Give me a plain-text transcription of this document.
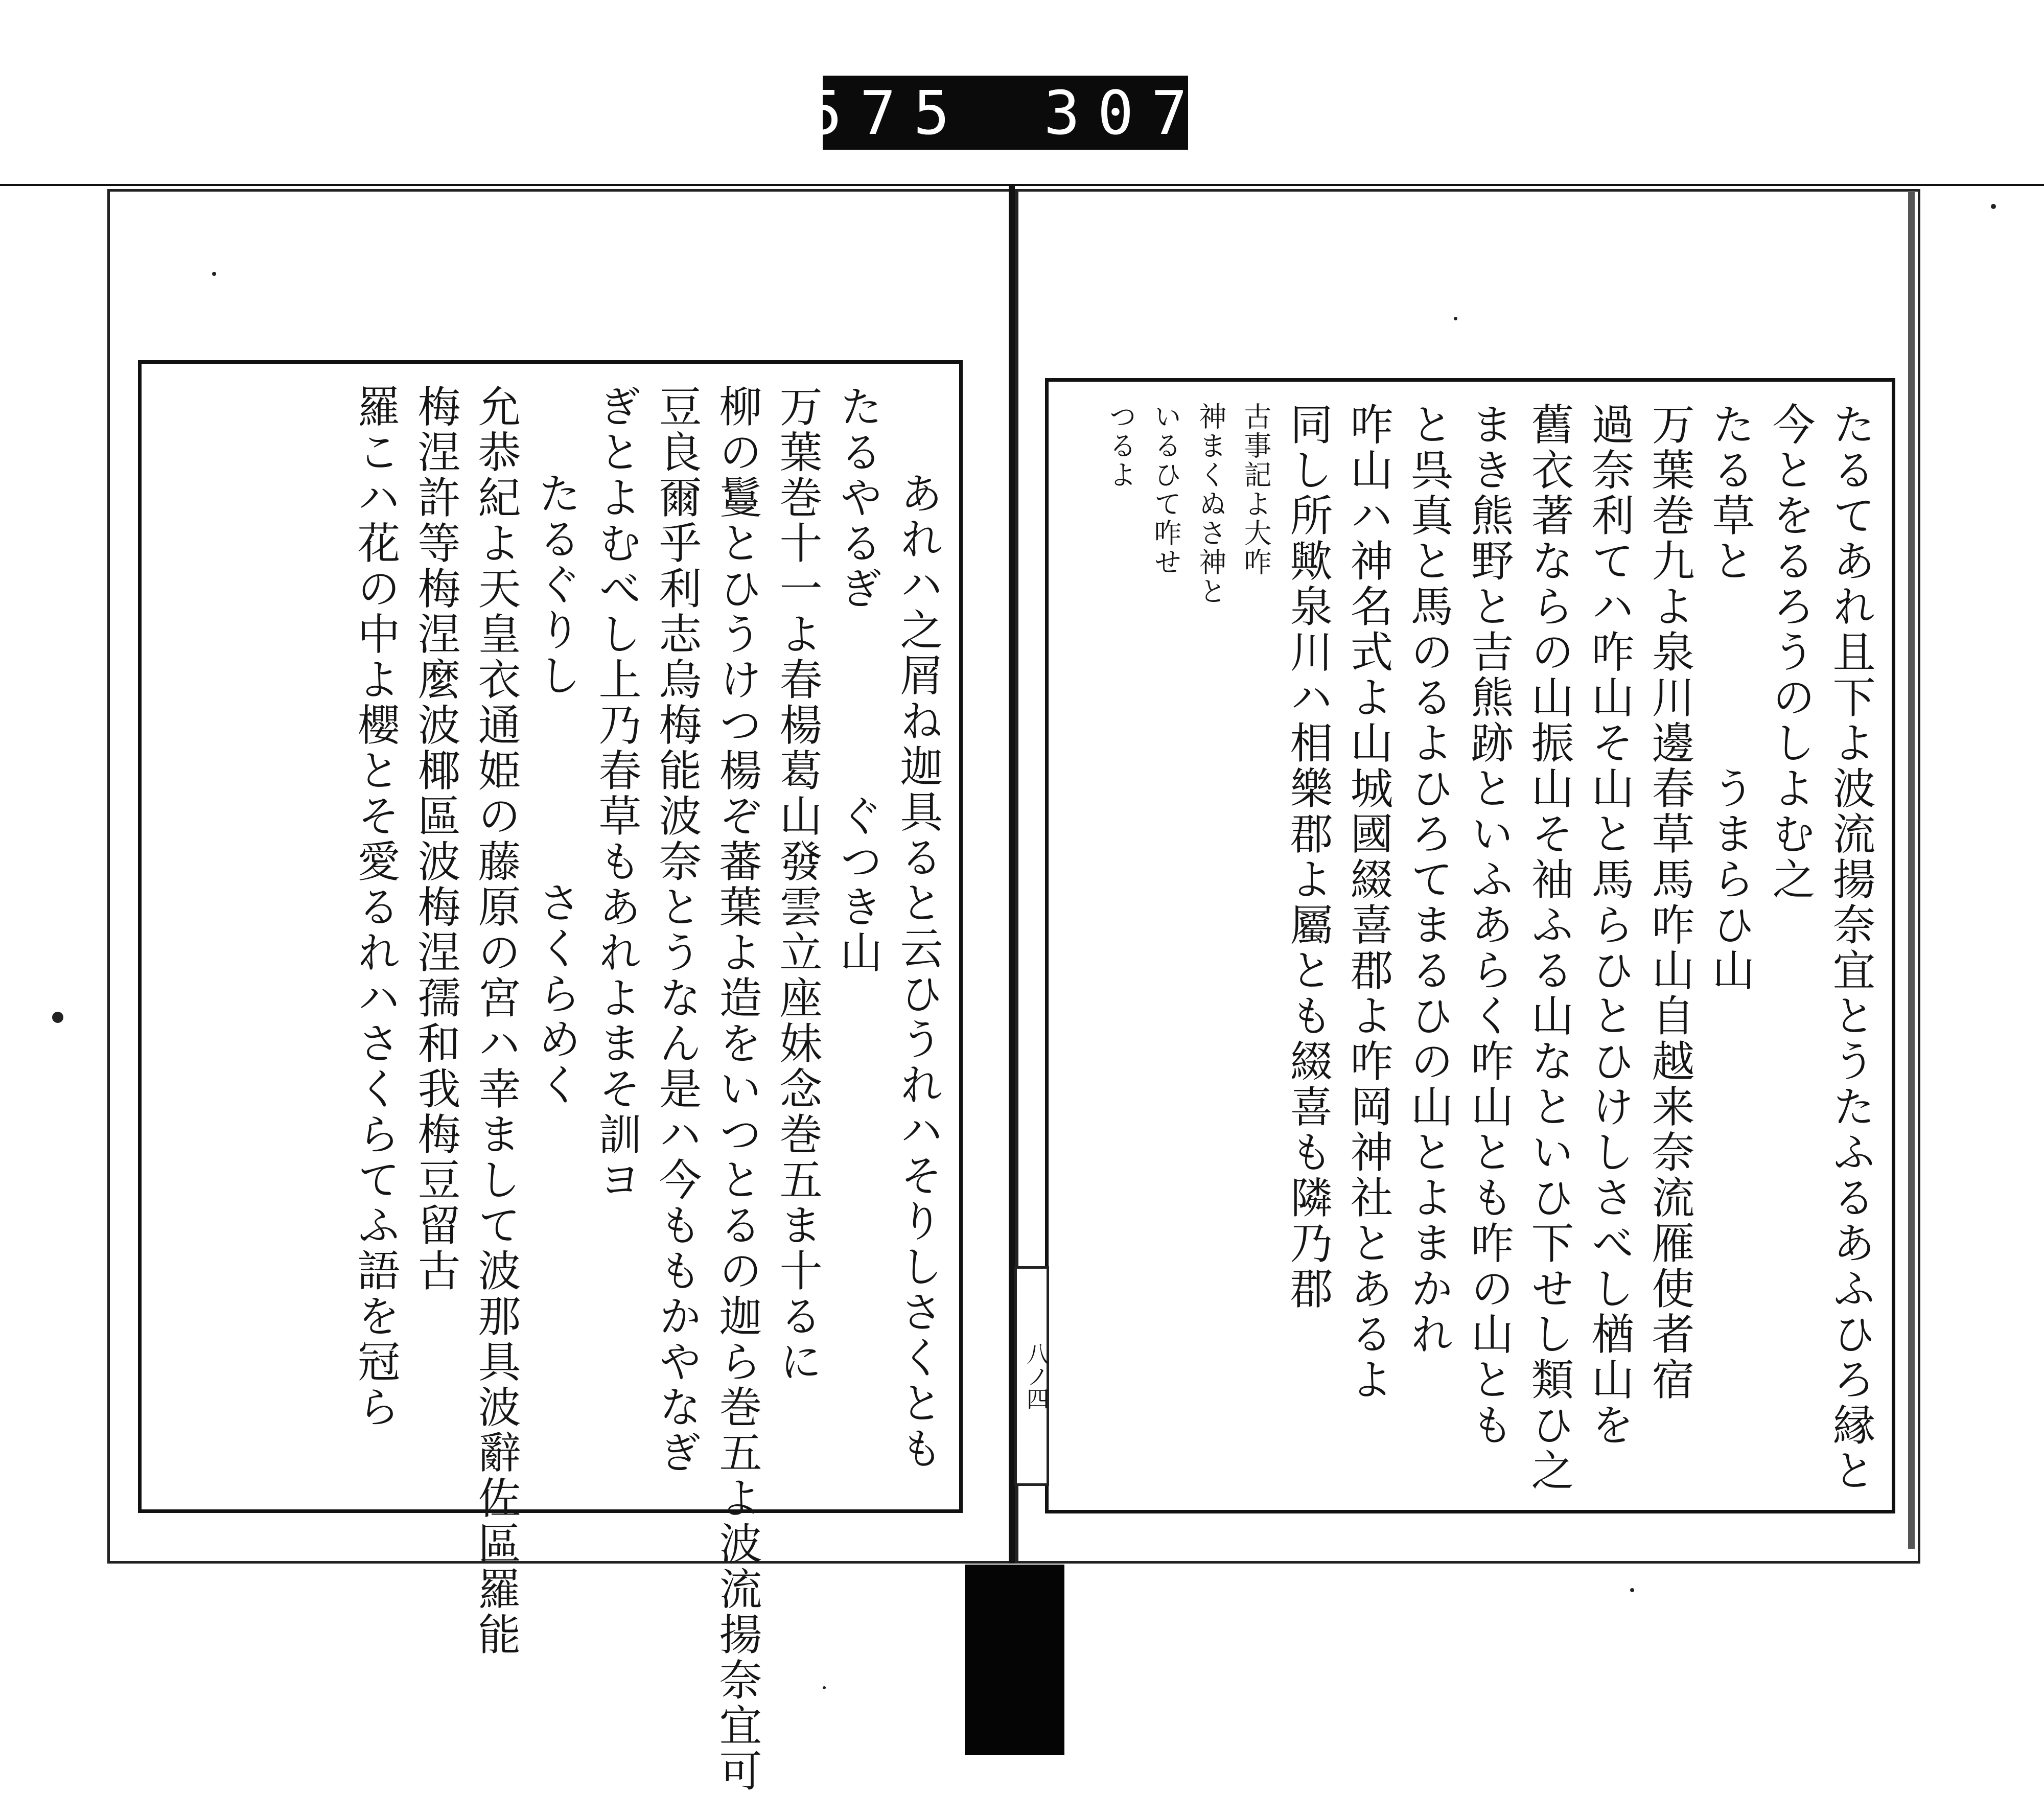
575 307
あれハ之屑ね迦具ると云ひうれハそりしさくとも
たるやるぎ　　　　ぐつき山
万葉巻十一よ春楊葛山發雲立座妹念巻五ま十るに
柳の鬘とひうけつ楊ぞ蕃葉よ造をいつとるの迦ら巻五よ波流揚奈宜可
豆良爾乎利志烏梅能波奈とうなん是ハ今ももかやなぎ
ぎとよむべし上乃春草もあれよまそ訓ヨ
たるぐりし　　　　さくらめく
允恭紀よ天皇衣通姫の藤原の宮ハ幸まして波那具波辭佐區羅能
梅涅許等梅涅麼波椰區波梅涅孺和我梅豆留古
羅こハ花の中よ櫻とそ愛るれハさくらてふ語を冠ら	たるてあれ且下よ波流揚奈宜とうたふるあふひろ縁と
今とをるろうのしよむ之
たる草と　　　　うまらひ山
万葉巻九よ泉川邊春草馬咋山自越来奈流雁使者宿
過奈利てハ咋山そ山と馬らひとひけしさべし楢山を
舊衣著ならの山振山そ袖ふる山なといひ下せし類ひ之
まき熊野と吉熊跡といふあらく咋山とも咋の山とも
と呉真と馬のるよひろてまるひの山とよまかれ
咋山ハ神名式よ山城國綴喜郡よ咋岡神社とあるよ
同し所歟泉川ハ相樂郡よ屬とも綴喜も隣乃郡
古事記よ大咋
神まくぬさ神と
いるひて咋せ
つるよ
八ノ四
